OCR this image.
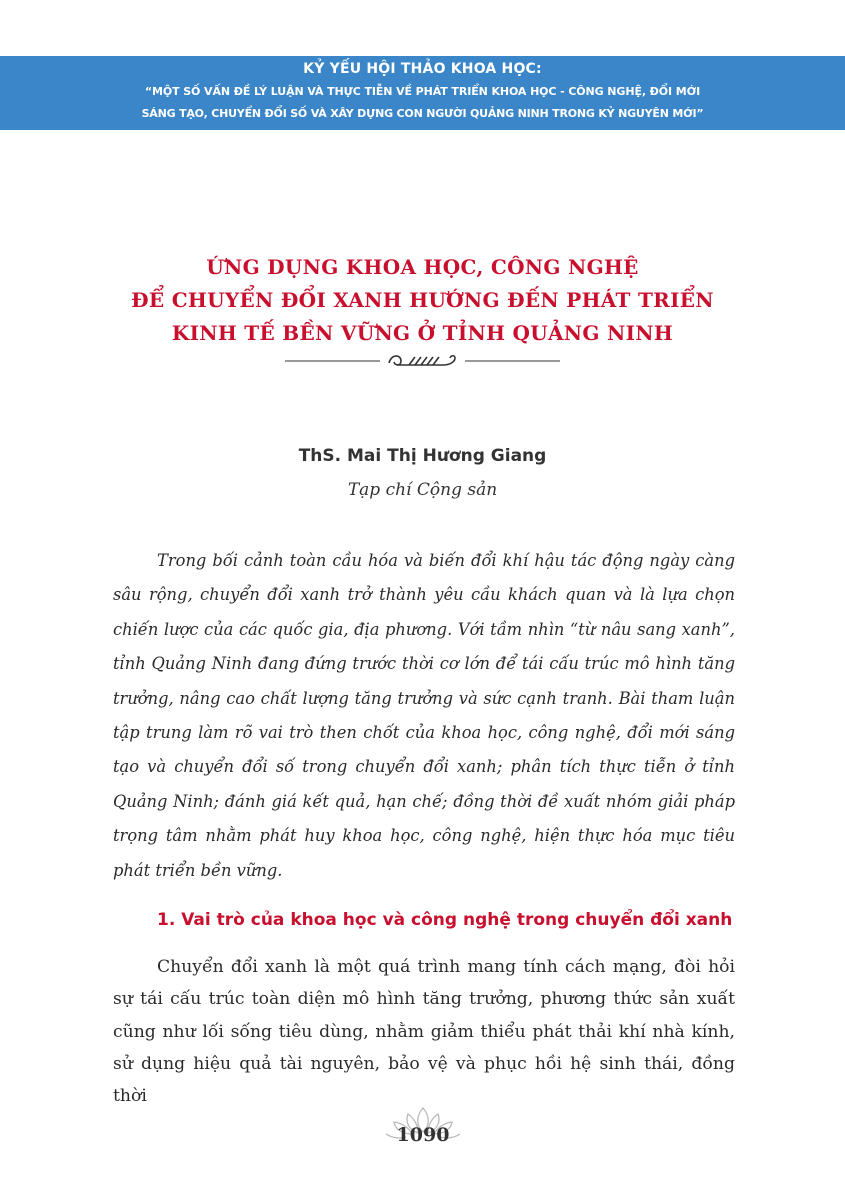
KỶ YẾU HỘI THẢO KHOA HỌC:
“MỘT SỐ VẤN ĐỀ LÝ LUẬN VÀ THỰC TIỄN VỀ PHÁT TRIỂN KHOA HỌC - CÔNG NGHỆ, ĐỔI MỚI
SÁNG TẠO, CHUYỂN ĐỔI SỐ VÀ XÂY DỰNG CON NGƯỜI QUẢNG NINH TRONG KỶ NGUYÊN MỚI”
ỨNG DỤNG KHOA HỌC, CÔNG NGHỆ
ĐỂ CHUYỂN ĐỔI XANH HƯỚNG ĐẾN PHÁT TRIỂN
KINH TẾ BỀN VỮNG Ở TỈNH QUẢNG NINH
ThS. Mai Thị Hương Giang
Tạp chí Cộng sản

Trong bối cảnh toàn cầu hóa và biến đổi khí hậu tác động ngày càng sâu rộng, chuyển đổi xanh trở thành yêu cầu khách quan và là lựa chọn chiến lược của các quốc gia, địa phương. Với tầm nhìn “từ nâu sang xanh”, tỉnh Quảng Ninh đang đứng trước thời cơ lớn để tái cấu trúc mô hình tăng trưởng, nâng cao chất lượng tăng trưởng và sức cạnh tranh. Bài tham luận tập trung làm rõ vai trò then chốt của khoa học, công nghệ, đổi mới sáng tạo và chuyển đổi số trong chuyển đổi xanh; phân tích thực tiễn ở tỉnh Quảng Ninh; đánh giá kết quả, hạn chế; đồng thời đề xuất nhóm giải pháp trọng tâm nhằm phát huy khoa học, công nghệ, hiện thực hóa mục tiêu phát triển bền vững.

1. Vai trò của khoa học và công nghệ trong chuyển đổi xanh

Chuyển đổi xanh là một quá trình mang tính cách mạng, đòi hỏi sự tái cấu trúc toàn diện mô hình tăng trưởng, phương thức sản xuất cũng như lối sống tiêu dùng, nhằm giảm thiểu phát thải khí nhà kính, sử dụng hiệu quả tài nguyên, bảo vệ và phục hồi hệ sinh thái, đồng thời

1090
